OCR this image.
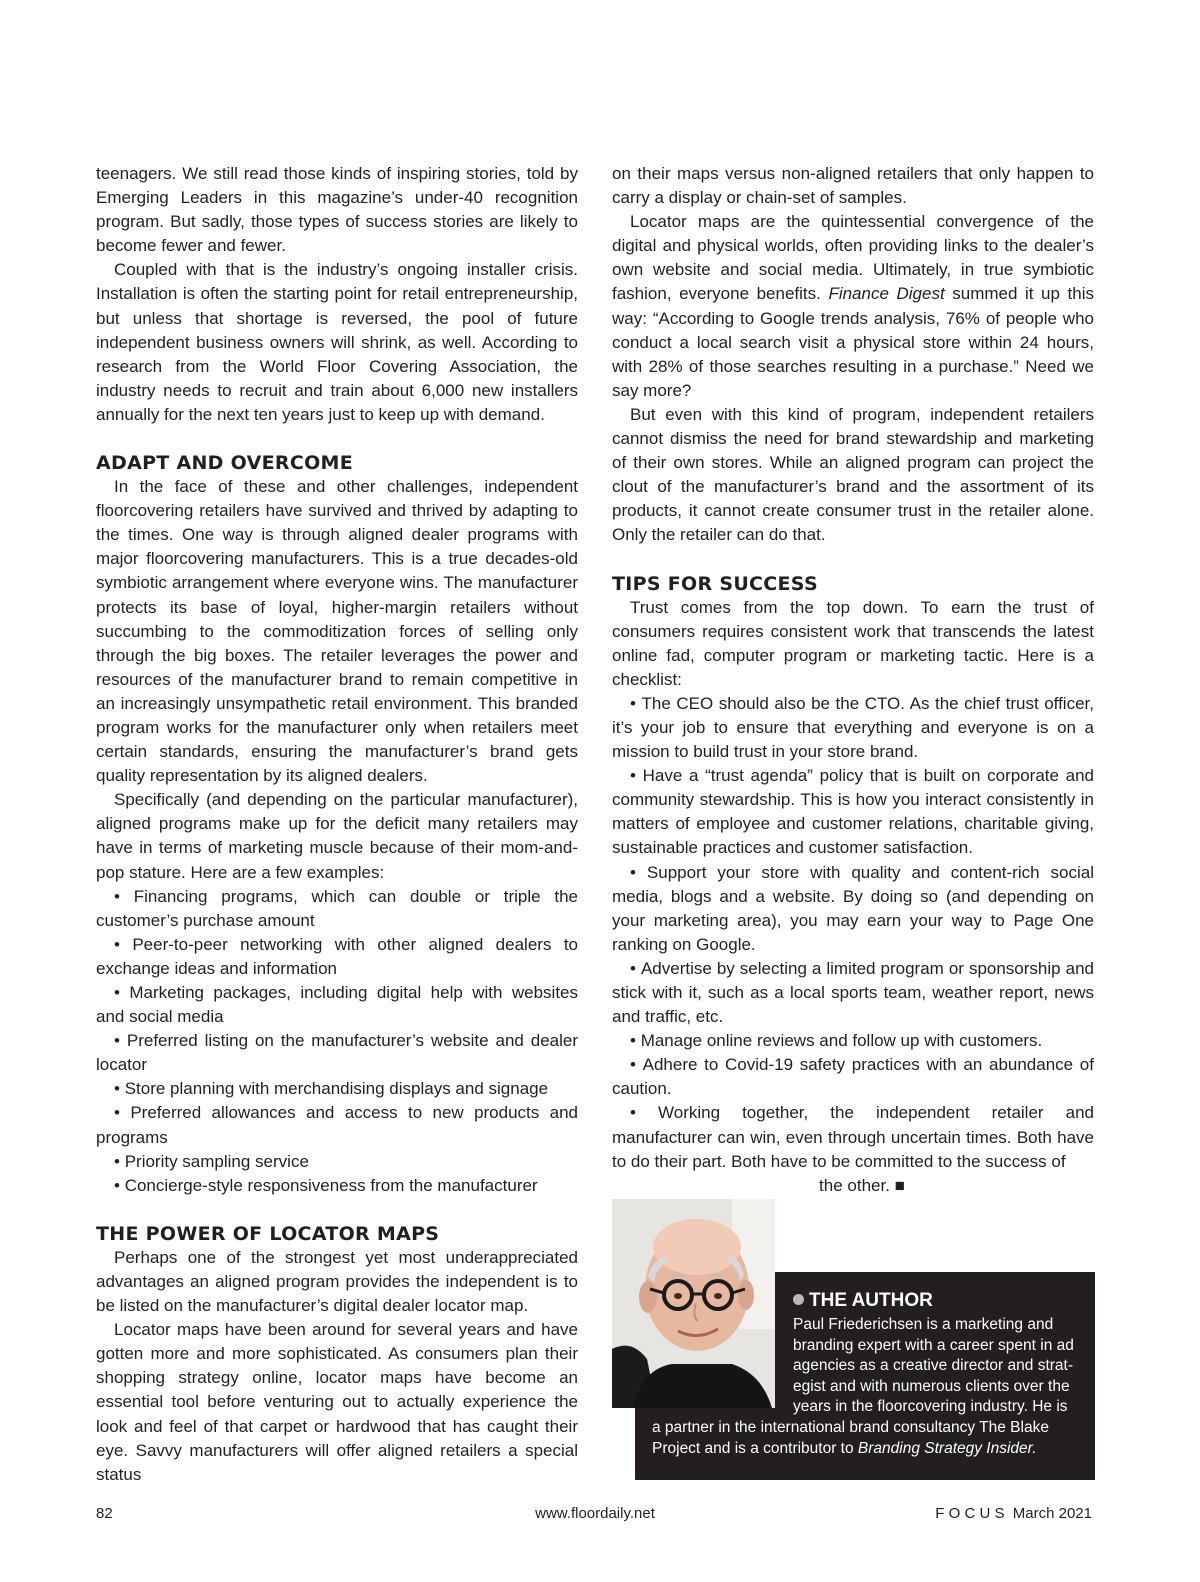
teenagers. We still read those kinds of inspiring stories, told by Emerging Leaders in this magazine’s under-40 recognition program. But sadly, those types of success stories are likely to become fewer and fewer.

Coupled with that is the industry’s ongoing installer crisis. Installation is often the starting point for retail entrepreneurship, but unless that shortage is reversed, the pool of future independent business owners will shrink, as well. According to research from the World Floor Covering Association, the industry needs to recruit and train about 6,000 new installers annually for the next ten years just to keep up with demand.

ADAPT AND OVERCOME

In the face of these and other challenges, independent floorcovering retailers have survived and thrived by adapting to the times. One way is through aligned dealer programs with major floorcovering manufacturers. This is a true decades-old symbiotic arrangement where everyone wins. The manufacturer protects its base of loyal, higher-margin retailers without succumbing to the commoditization forces of selling only through the big boxes. The retailer leverages the power and resources of the manufacturer brand to remain competitive in an increasingly unsympathetic retail environment. This branded program works for the manufacturer only when retailers meet certain standards, ensuring the manufacturer’s brand gets quality representation by its aligned dealers.

Specifically (and depending on the particular manufacturer), aligned programs make up for the deficit many retailers may have in terms of marketing muscle because of their mom-and-pop stature. Here are a few examples:

• Financing programs, which can double or triple the customer’s purchase amount
• Peer-to-peer networking with other aligned dealers to exchange ideas and information
• Marketing packages, including digital help with websites and social media
• Preferred listing on the manufacturer’s website and dealer locator
• Store planning with merchandising displays and signage
• Preferred allowances and access to new products and programs
• Priority sampling service
• Concierge-style responsiveness from the manufacturer
THE POWER OF LOCATOR MAPS

Perhaps one of the strongest yet most underappreciated advantages an aligned program provides the independent is to be listed on the manufacturer’s digital dealer locator map.

Locator maps have been around for several years and have gotten more and more sophisticated. As consumers plan their shopping strategy online, locator maps have become an essential tool before venturing out to actually experience the look and feel of that carpet or hardwood that has caught their eye. Savvy manufacturers will offer aligned retailers a special status

on their maps versus non-aligned retailers that only happen to carry a display or chain-set of samples.

Locator maps are the quintessential convergence of the digital and physical worlds, often providing links to the dealer’s own website and social media. Ultimately, in true symbiotic fashion, everyone benefits. Finance Digest summed it up this way: “According to Google trends analysis, 76% of people who conduct a local search visit a physical store within 24 hours, with 28% of those searches resulting in a purchase.” Need we say more?

But even with this kind of program, independent retailers cannot dismiss the need for brand stewardship and marketing of their own stores. While an aligned program can project the clout of the manufacturer’s brand and the assortment of its products, it cannot create consumer trust in the retailer alone. Only the retailer can do that.

TIPS FOR SUCCESS

Trust comes from the top down. To earn the trust of consumers requires consistent work that transcends the latest online fad, computer program or marketing tactic. Here is a checklist:

• The CEO should also be the CTO. As the chief trust officer, it’s your job to ensure that everything and everyone is on a mission to build trust in your store brand.
• Have a “trust agenda” policy that is built on corporate and community stewardship. This is how you interact consistently in matters of employee and customer relations, charitable giving, sustainable practices and customer satisfaction.
• Support your store with quality and content-rich social media, blogs and a website. By doing so (and depending on your marketing area), you may earn your way to Page One ranking on Google.
• Advertise by selecting a limited program or sponsorship and stick with it, such as a local sports team, weather report, news and traffic, etc.
• Manage online reviews and follow up with customers.
• Adhere to Covid-19 safety practices with an abundance of caution.
• Working together, the independent retailer and manufacturer can win, even through uncertain times. Both have to do their part. Both have to be committed to the success of

the other. ■

THE AUTHOR
Paul Friederichsen is a marketing and
branding expert with a career spent in ad
agencies as a creative director and strat-
egist and with numerous clients over the
years in the floorcovering industry. He is
a partner in the international brand consultancy The Blake
Project and is a contributor to Branding Strategy Insider.
82	www.floordaily.net	F O C U S  March 2021
